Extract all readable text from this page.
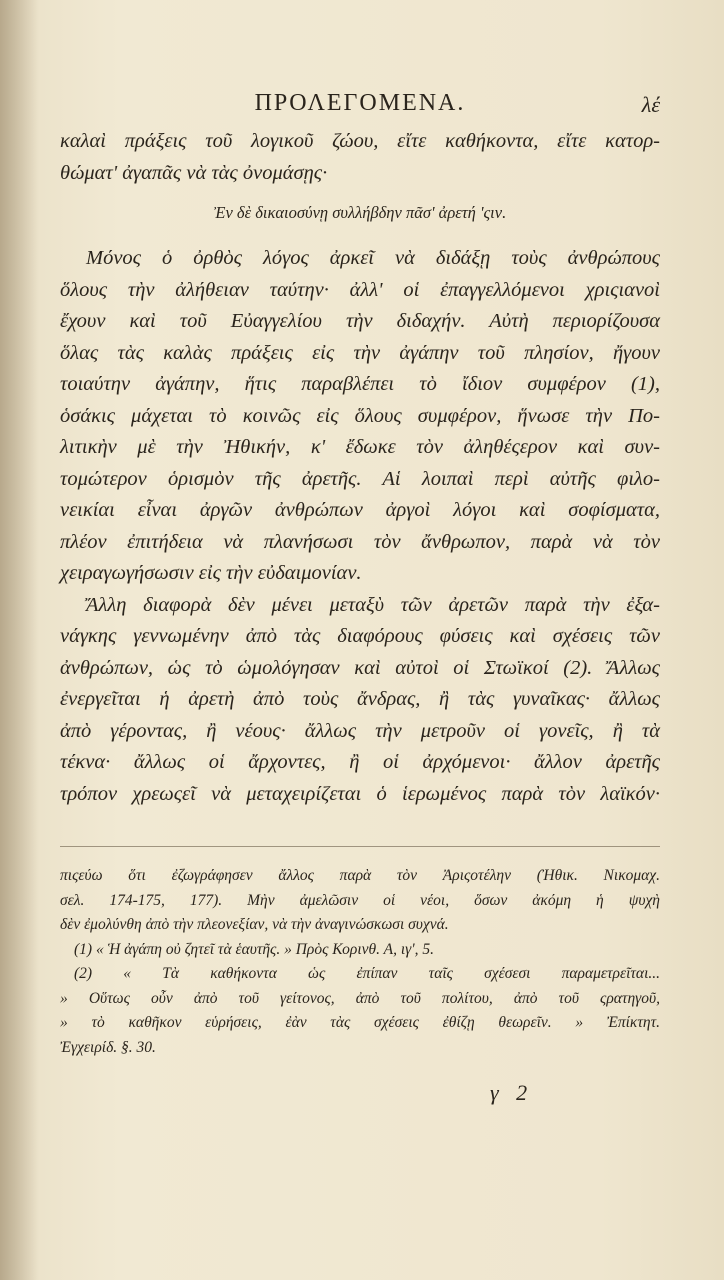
ΠΡΟΛΕΓΟΜΕΝΑ.	λέ
καλαὶ πράξεις τοῦ λογικοῦ ζώου, εἴτε καθήκοντα, εἴτε κατορ-
θώματ' ἀγαπᾶς νὰ τὰς ὀνομάσῃς·
Ἐν δὲ δικαιοσύνῃ συλλήβδην πᾶσ' ἀρετή 'ςιν.
Μόνος ὁ ὀρθὸς λόγος ἀρκεῖ νὰ διδάξῃ τοὺς ἀνθρώπους
ὅλους τὴν ἀλήθειαν ταύτην· ἀλλ' οἱ ἐπαγγελλόμενοι χριςιανοὶ
ἔχουν καὶ τοῦ Εὐαγγελίου τὴν διδαχήν. Αὐτὴ περιορίζουσα
ὅλας τὰς καλὰς πράξεις εἰς τὴν ἀγάπην τοῦ πλησίον, ἤγουν
τοιαύτην ἀγάπην, ἥτις παραβλέπει τὸ ἴδιον συμφέρον (1),
ὁσάκις μάχεται τὸ κοινῶς εἰς ὅλους συμφέρον, ἥνωσε τὴν Πο-
λιτικὴν μὲ τὴν Ἠθικήν, κ' ἔδωκε τὸν ἀληθέςερον καὶ συν-
τομώτερον ὁρισμὸν τῆς ἀρετῆς. Αἱ λοιπαὶ περὶ αὐτῆς φιλο-
νεικίαι εἶναι ἀργῶν ἀνθρώπων ἀργοὶ λόγοι καὶ σοφίσματα,
πλέον ἐπιτήδεια νὰ πλανήσωσι τὸν ἄνθρωπον, παρὰ νὰ τὸν
χειραγωγήσωσιν εἰς τὴν εὐδαιμονίαν.
Ἄλλη διαφορὰ δὲν μένει μεταξὺ τῶν ἀρετῶν παρὰ τὴν ἐξα-
νάγκης γεννωμένην ἀπὸ τὰς διαφόρους φύσεις καὶ σχέσεις τῶν
ἀνθρώπων, ὡς τὸ ὡμολόγησαν καὶ αὐτοὶ οἱ Στωϊκοί (2). Ἄλλως
ἐνεργεῖται ἡ ἀρετὴ ἀπὸ τοὺς ἄνδρας, ἢ τὰς γυναῖκας· ἄλλως
ἀπὸ γέροντας, ἢ νέους· ἄλλως τὴν μετροῦν οἱ γονεῖς, ἢ τὰ
τέκνα· ἄλλως οἱ ἄρχοντες, ἢ οἱ ἀρχόμενοι· ἄλλον ἀρετῆς
τρόπον χρεωςεῖ νὰ μεταχειρίζεται ὁ ἱερωμένος παρὰ τὸν λαϊκόν·
πιςεύω ὅτι ἐζωγράφησεν ἄλλος παρὰ τὸν Ἀριςοτέλην (Ἠθικ. Νικομαχ.
σελ. 174-175, 177). Μὴν ἀμελῶσιν οἱ νέοι, ὅσων ἀκόμη ἡ ψυχὴ
δὲν ἐμολύνθη ἀπὸ τὴν πλεονεξίαν, νὰ τὴν ἀναγινώσκωσι συχνά.
(1) « Ἡ ἀγάπη οὐ ζητεῖ τὰ ἑαυτῆς. » Πρὸς Κορινθ. Α, ιγ', 5.
(2) « Τὰ καθήκοντα ὡς ἐπίπαν ταῖς σχέσεσι παραμετρεῖται...
» Οὕτως οὖν ἀπὸ τοῦ γείτονος, ἀπὸ τοῦ πολίτου, ἀπὸ τοῦ ςρατηγοῦ,
» τὸ καθῆκον εὑρήσεις, ἐὰν τὰς σχέσεις ἐθίζῃ θεωρεῖν. » Ἐπίκτητ.
Ἐγχειρίδ. §. 30.
γ 2
